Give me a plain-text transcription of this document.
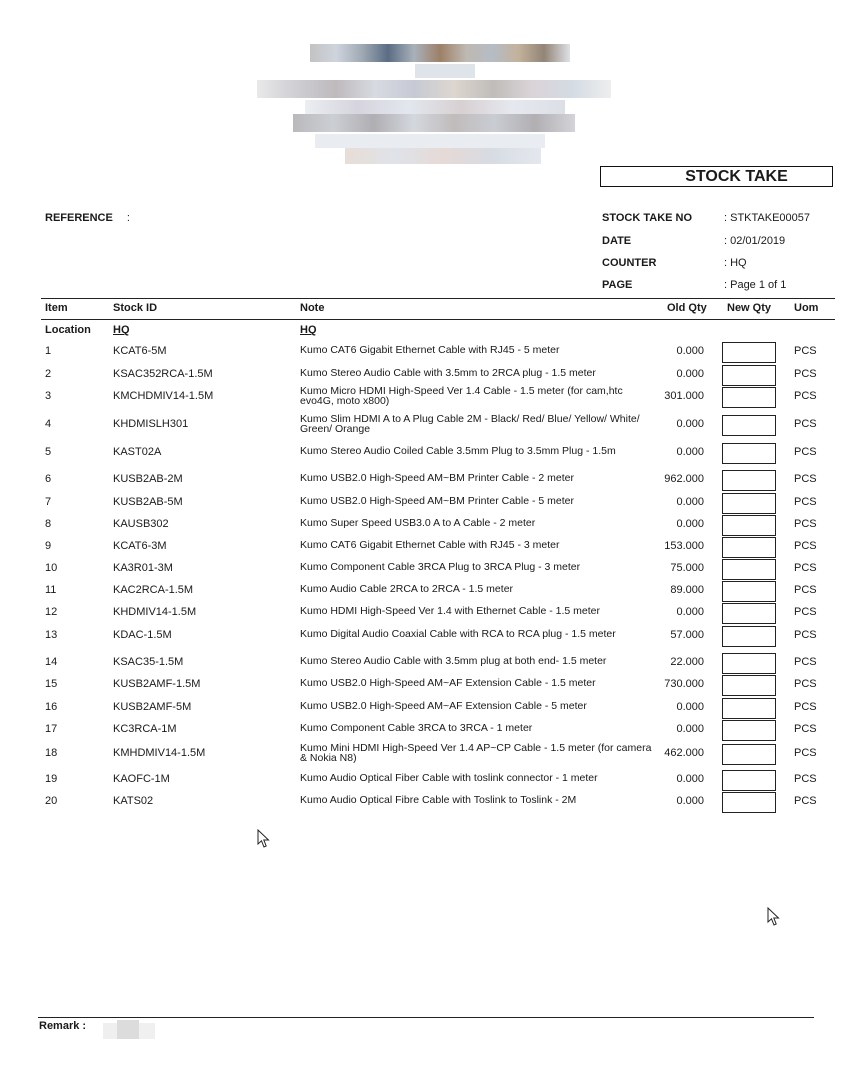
STOCK TAKE
REFERENCE :	STOCK TAKE NO	: STKTAKE00057
DATE	: 02/01/2019
COUNTER	: HQ
PAGE	: Page 1 of 1
Item	Stock ID	Note	Old Qty New Qty Uom
Location HQ	HQ
1	KCAT6-5M	Kumo CAT6 Gigabit Ethernet Cable with RJ45 - 5 meter	0.000	PCS
2	KSAC352RCA-1.5M	Kumo Stereo Audio Cable with 3.5mm to 2RCA plug - 1.5 meter	0.000	PCS
3	KMCHDMIV14-1.5M	Kumo Micro HDMI High-Speed Ver 1.4 Cable - 1.5 meter (for cam,htc evo4G, moto x800)	301.000	PCS
4	KHDMISLH301	Kumo Slim HDMI A to A Plug Cable 2M - Black/ Red/ Blue/ Yellow/ White/ Green/ Orange	0.000	PCS
5	KAST02A	Kumo Stereo Audio Coiled Cable 3.5mm Plug to 3.5mm Plug - 1.5m	0.000	PCS
6	KUSB2AB-2M	Kumo USB2.0 High-Speed AM~BM Printer Cable - 2 meter	962.000	PCS
7	KUSB2AB-5M	Kumo USB2.0 High-Speed AM~BM Printer Cable - 5 meter	0.000	PCS
8	KAUSB302	Kumo Super Speed USB3.0 A to A Cable - 2 meter	0.000	PCS
9	KCAT6-3M	Kumo CAT6 Gigabit Ethernet Cable with RJ45 - 3 meter	153.000	PCS
10	KA3R01-3M	Kumo Component Cable 3RCA Plug to 3RCA Plug - 3 meter	75.000	PCS
11	KAC2RCA-1.5M	Kumo Audio Cable 2RCA to 2RCA - 1.5 meter	89.000	PCS
12	KHDMIV14-1.5M	Kumo HDMI High-Speed Ver 1.4 with Ethernet Cable - 1.5 meter	0.000	PCS
13	KDAC-1.5M	Kumo Digital Audio Coaxial Cable with RCA to RCA plug - 1.5 meter	57.000	PCS
14	KSAC35-1.5M	Kumo Stereo Audio Cable with 3.5mm plug at both end- 1.5 meter	22.000	PCS
15	KUSB2AMF-1.5M	Kumo USB2.0 High-Speed AM~AF Extension Cable - 1.5 meter	730.000	PCS
16	KUSB2AMF-5M	Kumo USB2.0 High-Speed AM~AF Extension Cable - 5 meter	0.000	PCS
17	KC3RCA-1M	Kumo Component Cable 3RCA to 3RCA - 1 meter	0.000	PCS
18	KMHDMIV14-1.5M	Kumo Mini HDMI High-Speed Ver 1.4 AP~CP Cable - 1.5 meter (for camera & Nokia N8)	462.000	PCS
19	KAOFC-1M	Kumo Audio Optical Fiber Cable with toslink connector - 1 meter	0.000	PCS
20	KATS02	Kumo Audio Optical Fibre Cable with Toslink to Toslink - 2M	0.000	PCS
Remark :
